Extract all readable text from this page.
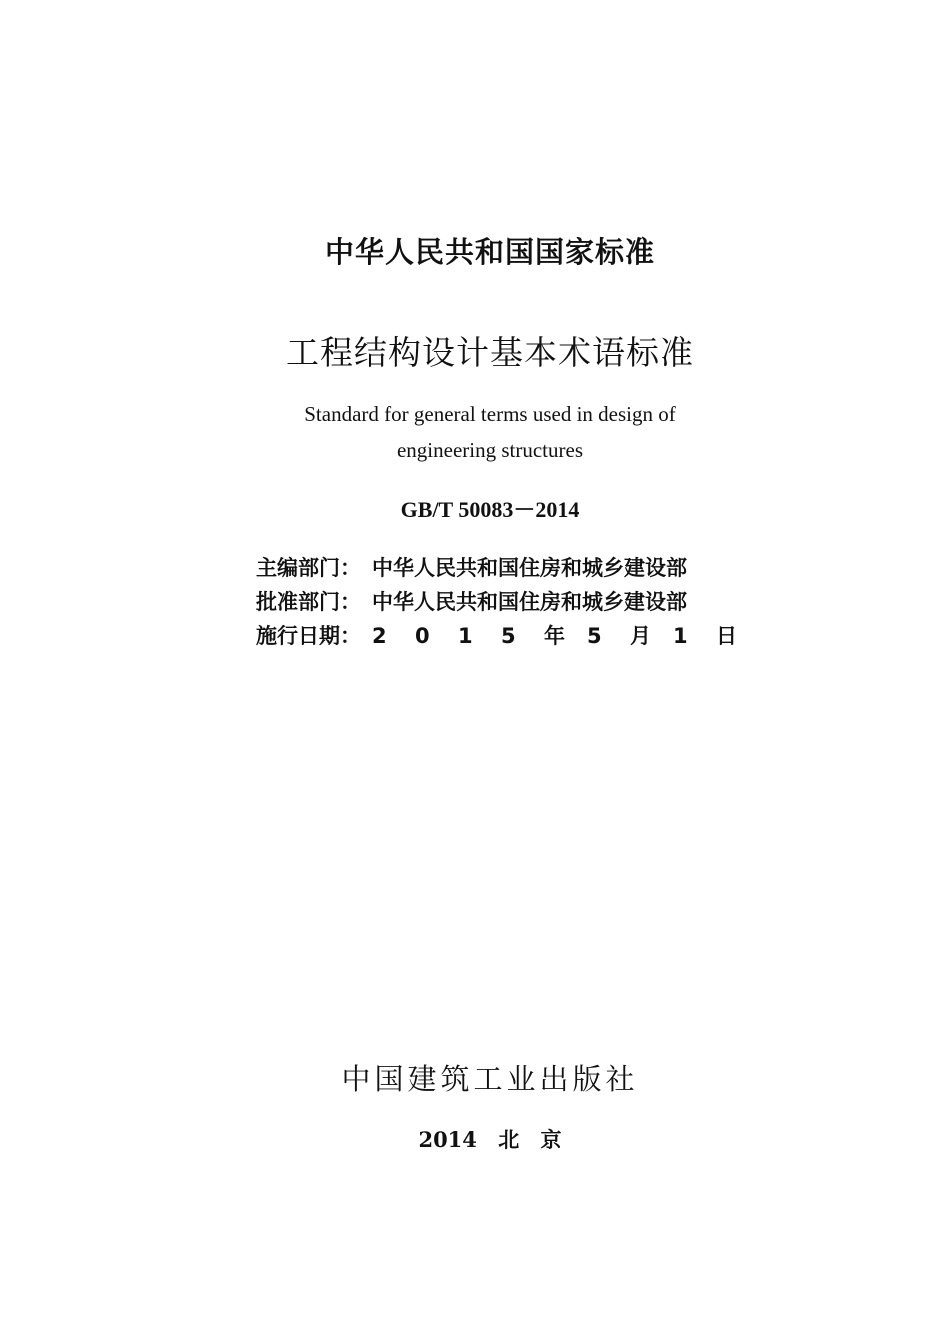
中华人民共和国国家标准
工程结构设计基本术语标准
Standard for general terms used in design of
engineering structures
GB/T 50083－2014
主编部门： 中华人民共和国住房和城乡建设部
批准部门： 中华人民共和国住房和城乡建设部
施行日期： 2	0	1	5	年	5	月	1	日
中国建筑工业出版社
2014 北 京
